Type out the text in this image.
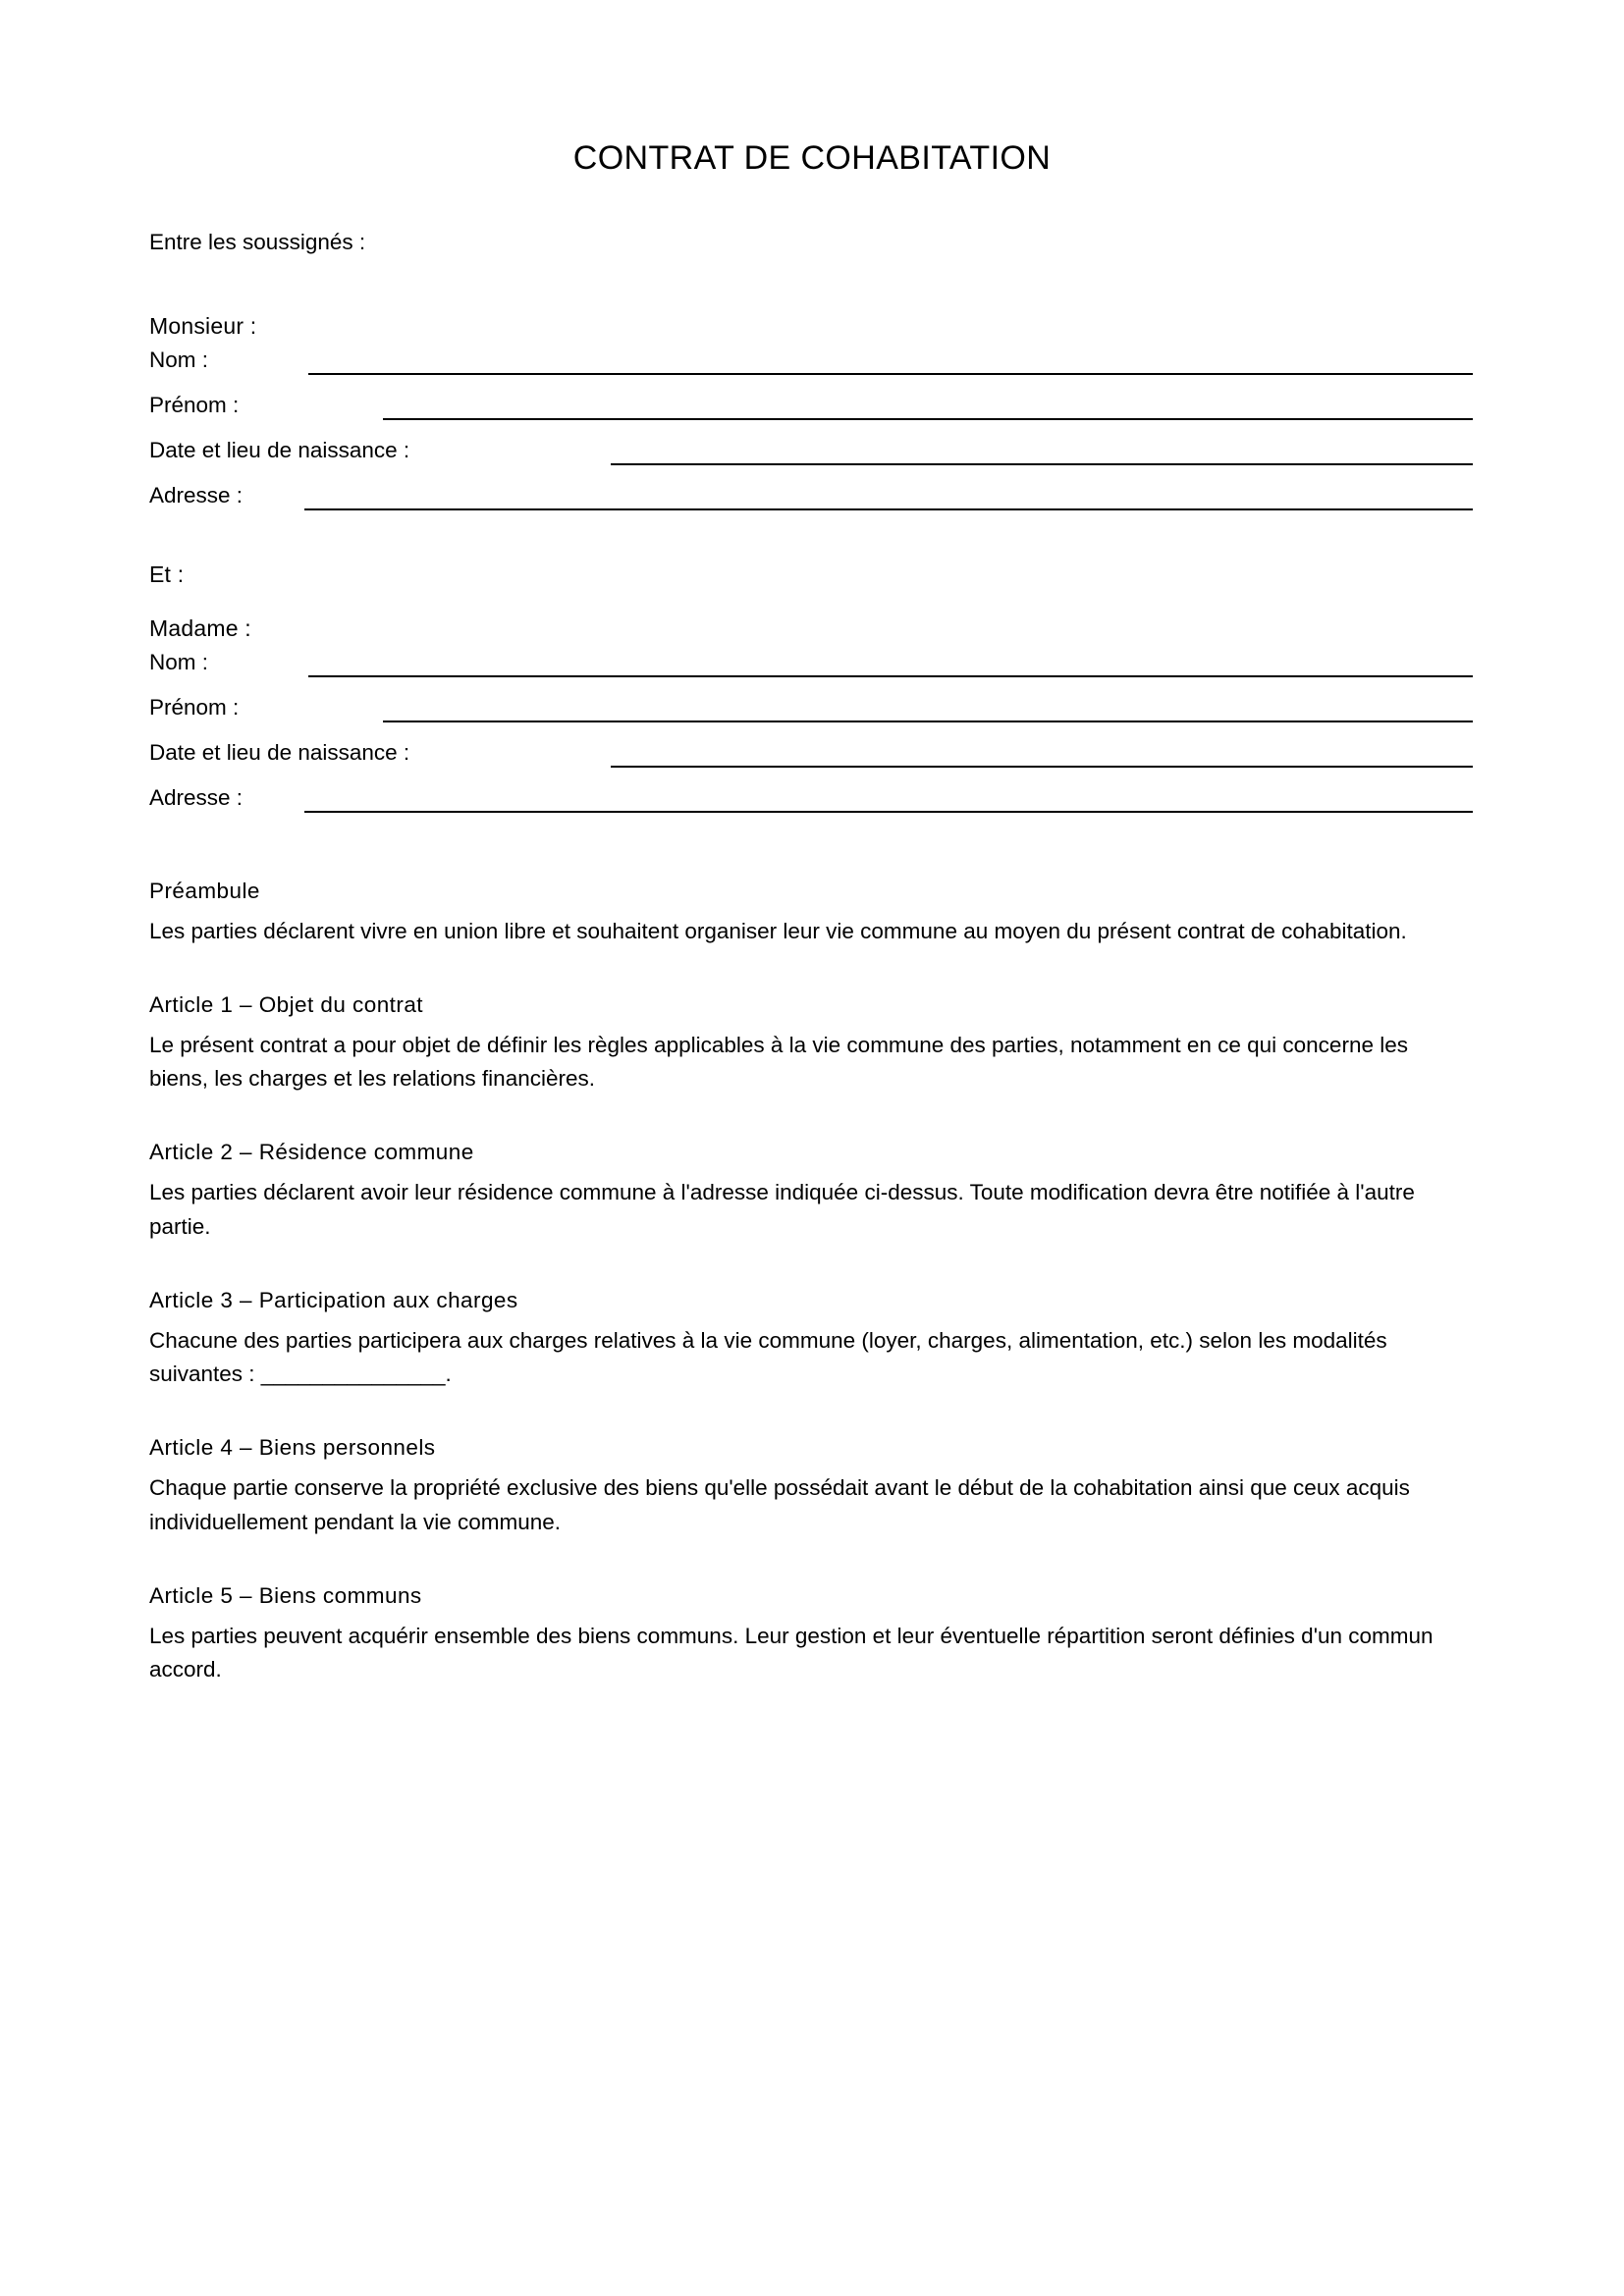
CONTRAT DE COHABITATION

Entre les soussignés :

Monsieur :

Nom :
Prénom :
Date et lieu de naissance :
Adresse :

Et :

Madame :

Nom :
Prénom :
Date et lieu de naissance :
Adresse :

Préambule

Les parties déclarent vivre en union libre et souhaitent organiser leur vie commune au moyen du présent contrat de cohabitation.

Article 1 – Objet du contrat

Le présent contrat a pour objet de définir les règles applicables à la vie commune des parties, notamment en ce qui concerne les biens, les charges et les relations financières.

Article 2 – Résidence commune

Les parties déclarent avoir leur résidence commune à l'adresse indiquée ci-dessus. Toute modification devra être notifiée à l'autre partie.

Article 3 – Participation aux charges

Chacune des parties participera aux charges relatives à la vie commune (loyer, charges, alimentation, etc.) selon les modalités suivantes : _______________.

Article 4 – Biens personnels

Chaque partie conserve la propriété exclusive des biens qu'elle possédait avant le début de la cohabitation ainsi que ceux acquis individuellement pendant la vie commune.

Article 5 – Biens communs

Les parties peuvent acquérir ensemble des biens communs. Leur gestion et leur éventuelle répartition seront définies d'un commun accord.
